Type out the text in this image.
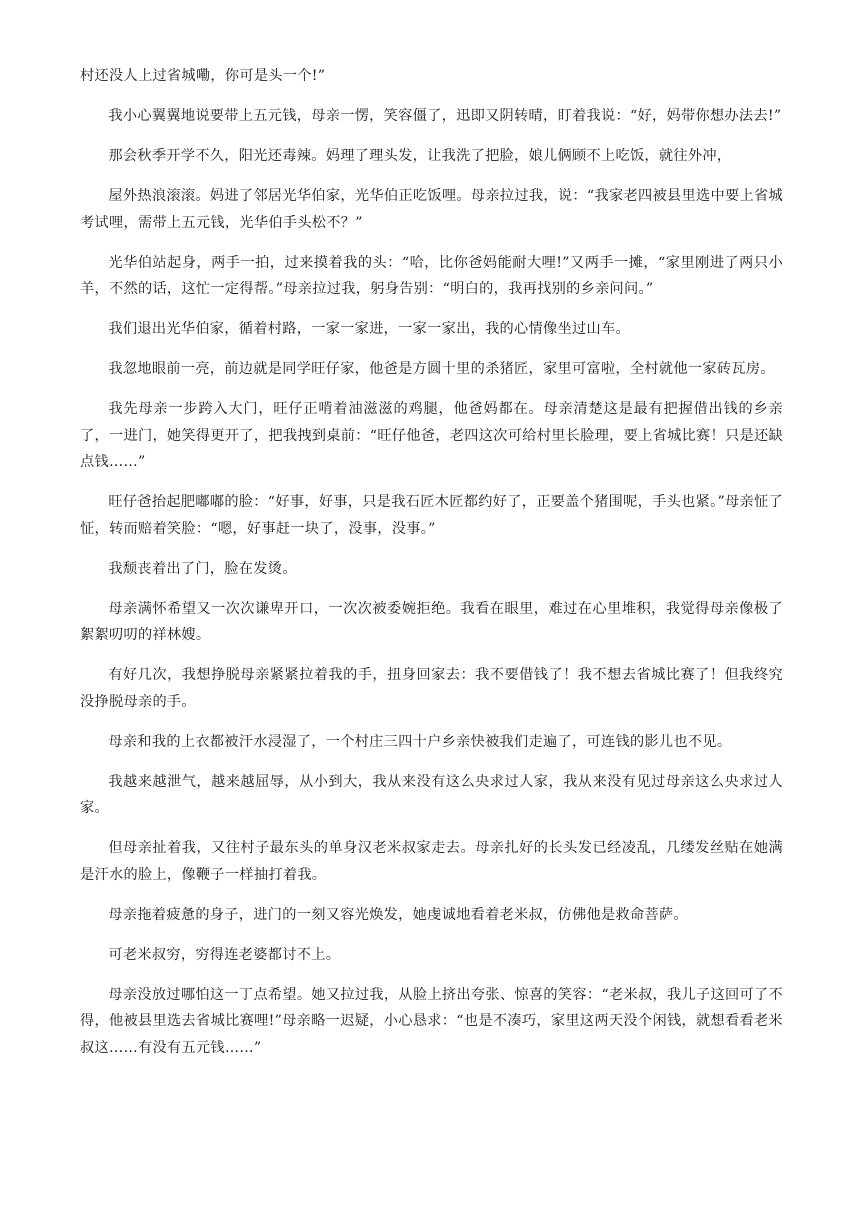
村还没人上过省城嘞，你可是头一个!”

我小心翼翼地说要带上五元钱，母亲一愣，笑容僵了，迅即又阴转晴，盯着我说：“好，妈带你想办法去!”

那会秋季开学不久，阳光还毒辣。妈理了理头发，让我洗了把脸，娘儿俩顾不上吃饭，就往外冲，

屋外热浪滚滚。妈进了邻居光华伯家，光华伯正吃饭哩。母亲拉过我，说：“我家老四被县里选中要上省城考试哩，需带上五元钱，光华伯手头松不？”

光华伯站起身，两手一拍，过来摸着我的头：“哈，比你爸妈能耐大哩!”又两手一摊，“家里刚进了两只小羊，不然的话，这忙一定得帮。”母亲拉过我，躬身告别：“明白的，我再找别的乡亲问问。”

我们退出光华伯家，循着村路，一家一家进，一家一家出，我的心情像坐过山车。

我忽地眼前一亮，前边就是同学旺仔家，他爸是方圆十里的杀猪匠，家里可富啦，全村就他一家砖瓦房。

我先母亲一步跨入大门，旺仔正啃着油滋滋的鸡腿，他爸妈都在。母亲清楚这是最有把握借出钱的乡亲了，一进门，她笑得更开了，把我拽到桌前：“旺仔他爸，老四这次可给村里长脸理，要上省城比赛！只是还缺点钱……”

旺仔爸抬起肥嘟嘟的脸：“好事，好事，只是我石匠木匠都约好了，正要盖个猪围呢，手头也紧。”母亲怔了怔，转而赔着笑脸：“嗯，好事赶一块了，没事，没事。”

我颓丧着出了门，脸在发烫。

母亲满怀希望又一次次谦卑开口，一次次被委婉拒绝。我看在眼里，难过在心里堆积，我觉得母亲像极了絮絮叨叨的祥林嫂。

有好几次，我想挣脱母亲紧紧拉着我的手，扭身回家去：我不要借钱了！我不想去省城比赛了！但我终究没挣脱母亲的手。

母亲和我的上衣都被汗水浸湿了，一个村庄三四十户乡亲快被我们走遍了，可连钱的影儿也不见。

我越来越泄气，越来越屈辱，从小到大，我从来没有这么央求过人家，我从来没有见过母亲这么央求过人家。

但母亲扯着我，又往村子最东头的单身汉老米叔家走去。母亲扎好的长头发已经凌乱，几缕发丝贴在她满是汗水的脸上，像鞭子一样抽打着我。

母亲拖着疲惫的身子，进门的一刻又容光焕发，她虔诚地看着老米叔，仿佛他是救命菩萨。

可老米叔穷，穷得连老婆都讨不上。

母亲没放过哪怕这一丁点希望。她又拉过我，从脸上挤出夸张、惊喜的笑容：“老米叔，我儿子这回可了不得，他被县里选去省城比赛哩!”母亲略一迟疑，小心恳求：“也是不凑巧，家里这两天没个闲钱，就想看看老米叔这……有没有五元钱……”
